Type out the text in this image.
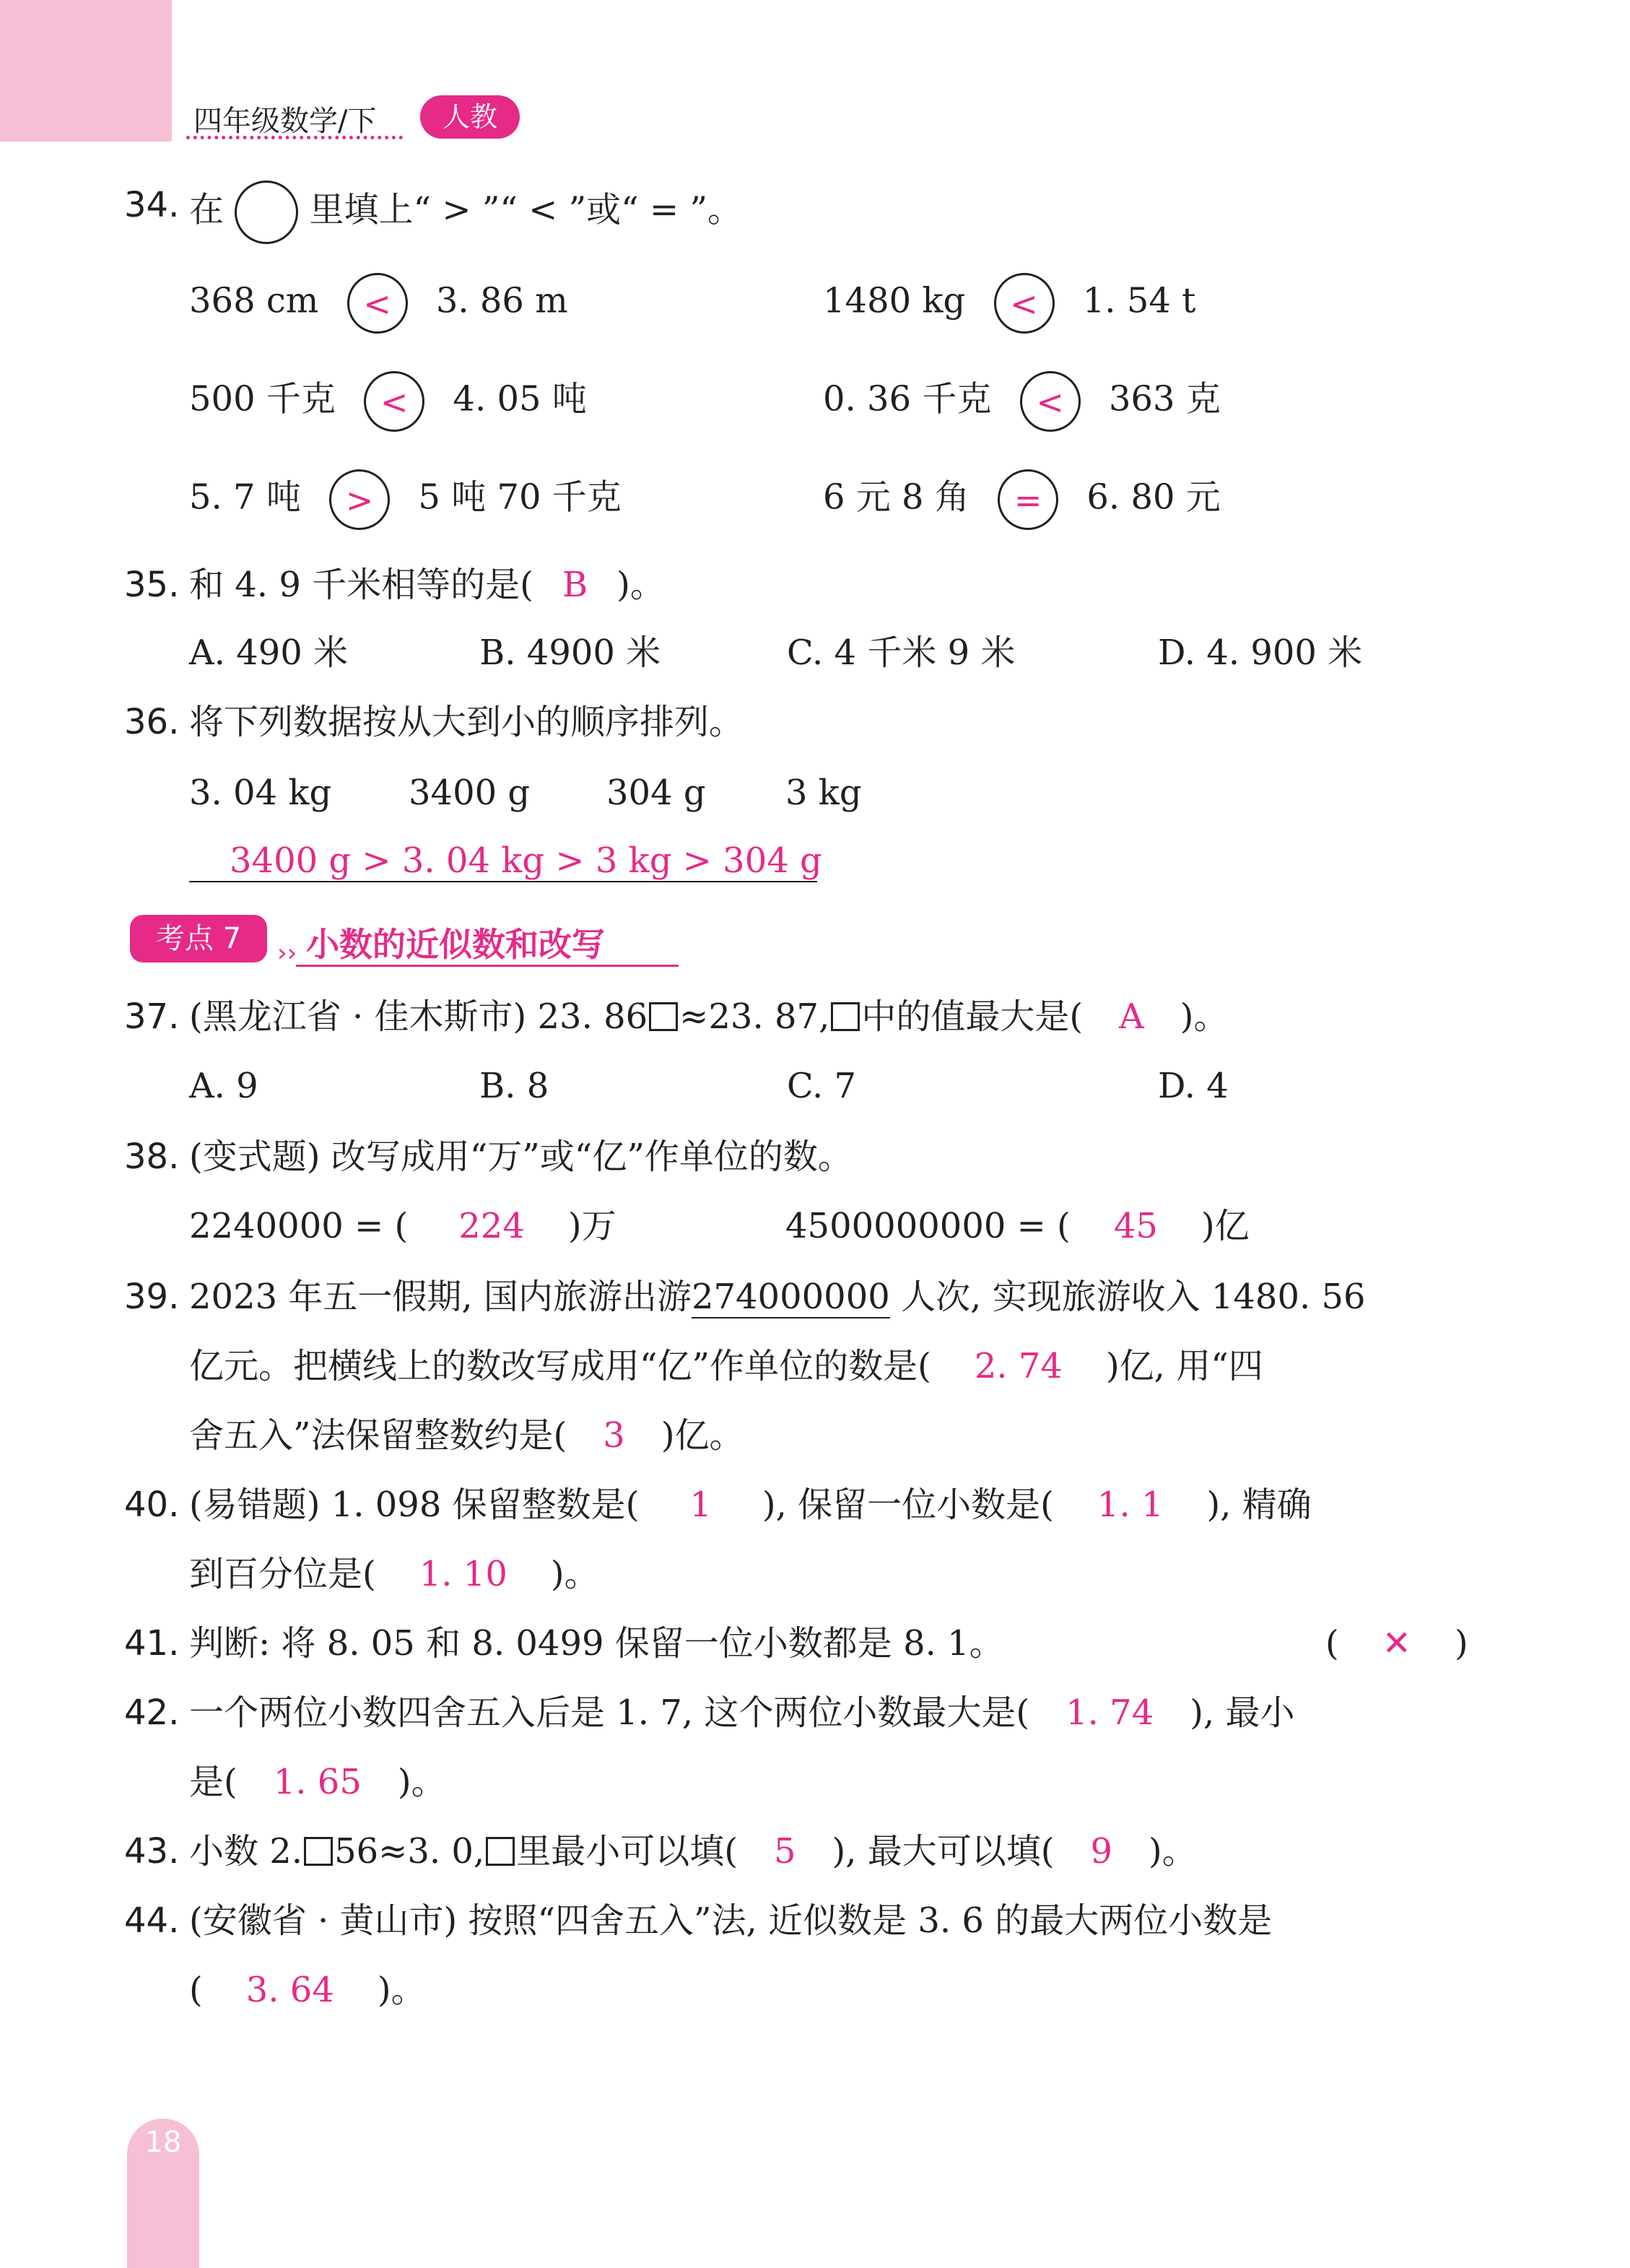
四年级数学/下	人教
34. 在 里填上“ > ”“ < ”或“ = ”。
368 cm < 3. 86 m	1480 kg < 1. 54 t
500 千克 < 4. 05 吨	0. 36 千克 < 363 克
5. 7 吨 > 5 吨 70 千克	6 元 8 角 = 6. 80 元
35. 和 4. 9 千米相等的是( B )。
A. 490 米	B. 4900 米	C. 4 千米 9 米	D. 4. 900 米
36. 将下列数据按从大到小的顺序排列。
3. 04 kg 3400 g 304 g 3 kg
3400 g > 3. 04 kg > 3 kg > 304 g
考点 7	›› 小数的近似数和改写
37. (黑龙江省 · 佳木斯市) 23. 86 ≈23. 87, 中的值最大是( A )。
A. 9	B. 8	C. 7	D. 4
38. (变式题) 改写成用“万”或“亿”作单位的数。
2240000 = ( 224 )万	4500000000 = ( 45 )亿
39. 2023 年五一假期, 国内旅游出游274000000 人次, 实现旅游收入 1480. 56
亿元。把横线上的数改写成用“亿”作单位的数是( 2. 74 )亿, 用“四
舍五入”法保留整数约是( 3 )亿。
40. (易错题) 1. 098 保留整数是( 1 ), 保留一位小数是( 1. 1 ), 精确
到百分位是( 1. 10 )。
41. 判断: 将 8. 05 和 8. 0499 保留一位小数都是 8. 1。	( ✕ )
42. 一个两位小数四舍五入后是 1. 7, 这个两位小数最大是( 1. 74 ), 最小
是( 1. 65 )。
43. 小数 2. 56≈3. 0, 里最小可以填( 5 ), 最大可以填( 9 )。
44. (安徽省 · 黄山市) 按照“四舍五入”法, 近似数是 3. 6 的最大两位小数是
( 3. 64 )。
18
